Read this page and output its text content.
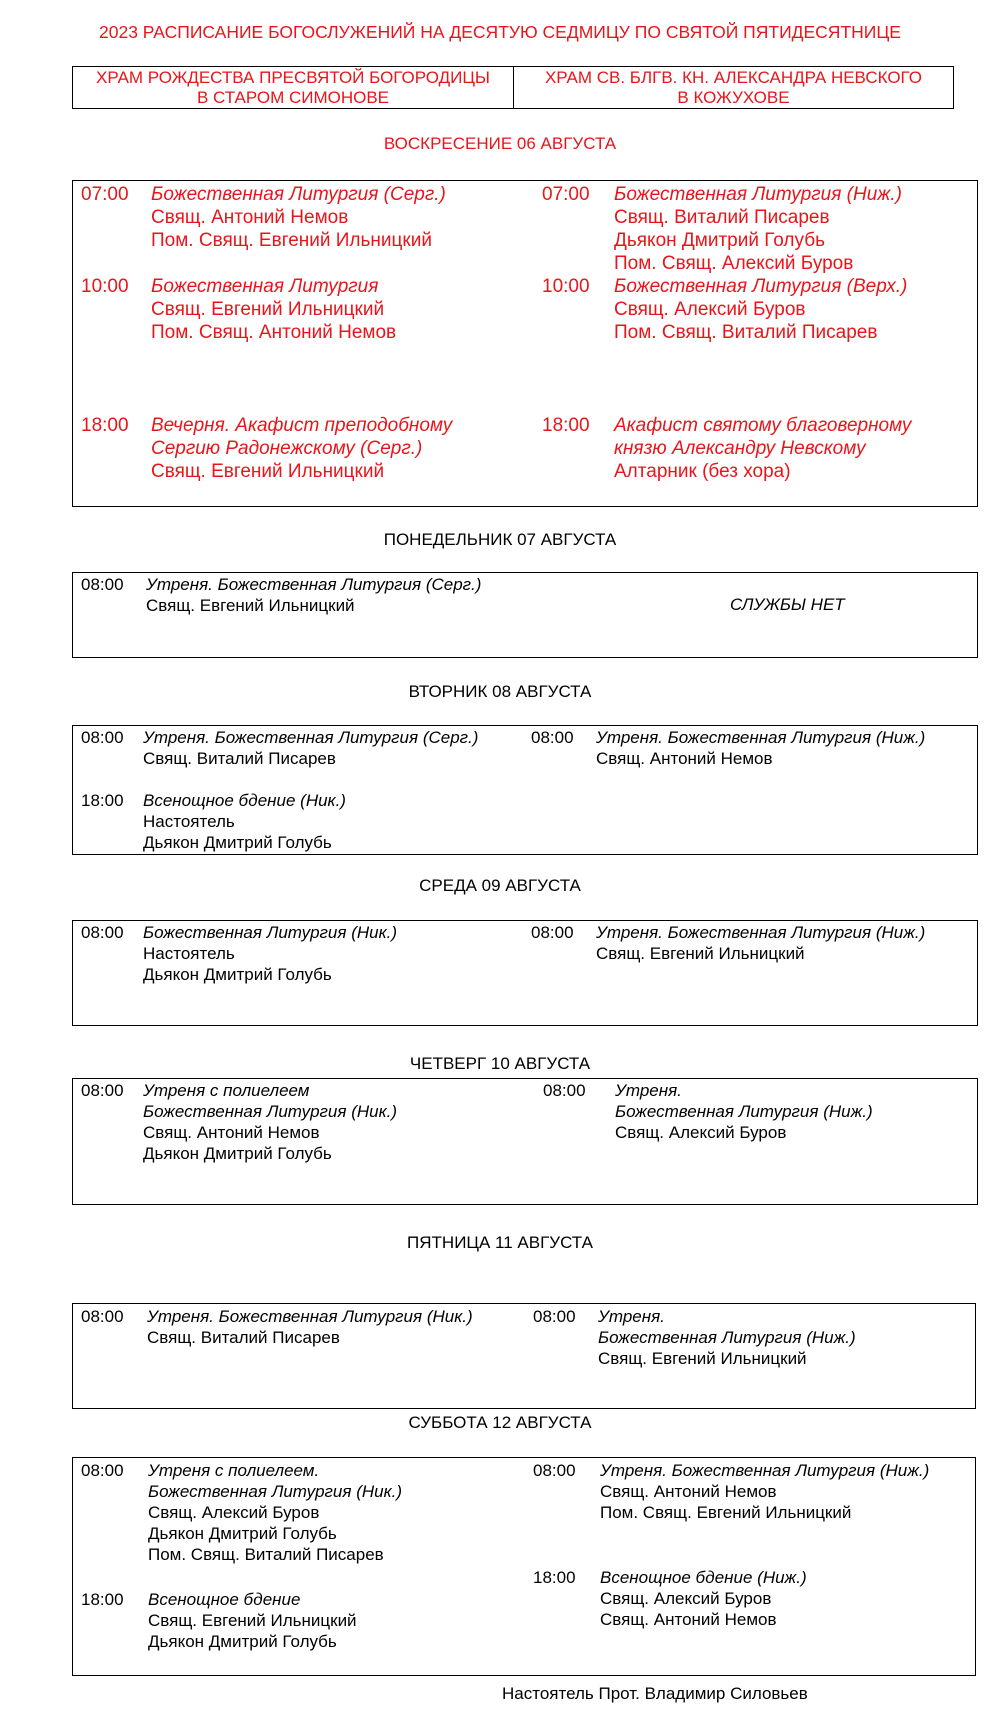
2023 РАСПИСАНИЕ БОГОСЛУЖЕНИЙ НА ДЕСЯТУЮ СЕДМИЦУ ПО СВЯТОЙ ПЯТИДЕСЯТНИЦЕ
ХРАМ РОЖДЕСТВА ПРЕСВЯТОЙ БОГОРОДИЦЫ
В СТАРОМ СИМОНОВЕ
ХРАМ СВ. БЛГВ. КН. АЛЕКСАНДРА НЕВСКОГО
В КОЖУХОВЕ
ВОСКРЕСЕНИЕ 06 АВГУСТА
07:00 Божественная Литургия (Серг.)
Свящ. Антоний Немов
Пом. Свящ. Евгений Ильницкий
10:00 Божественная Литургия
Свящ. Евгений Ильницкий
Пом. Свящ. Антоний Немов
18:00 Вечерня. Акафист преподобному
Сергию Радонежскому (Серг.)
Свящ. Евгений Ильницкий
07:00 Божественная Литургия (Ниж.)
Свящ. Виталий Писарев
Дьякон Дмитрий Голубь
Пом. Свящ. Алексий Буров
10:00 Божественная Литургия (Верх.)
Свящ. Алексий Буров
Пом. Свящ. Виталий Писарев
18:00 Акафист святому благоверному
князю Александру Невскому
Алтарник (без хора)
ПОНЕДЕЛЬНИК 07 АВГУСТА
08:00 Утреня. Божественная Литургия (Серг.)
Свящ. Евгений Ильницкий	СЛУЖБЫ НЕТ
ВТОРНИК 08 АВГУСТА
08:00 Утреня. Божественная Литургия (Серг.)
Свящ. Виталий Писарев
18:00 Всенощное бдение (Ник.)
Настоятель
Дьякон Дмитрий Голубь
08:00 Утреня. Божественная Литургия (Ниж.)
Свящ. Антоний Немов
СРЕДА 09 АВГУСТА
08:00 Божественная Литургия (Ник.)
Настоятель
Дьякон Дмитрий Голубь
08:00 Утреня. Божественная Литургия (Ниж.)
Свящ. Евгений Ильницкий
ЧЕТВЕРГ 10 АВГУСТА
08:00 Утреня с полиелеем
Божественная Литургия (Ник.)
Свящ. Антоний Немов
Дьякон Дмитрий Голубь
08:00 Утреня.
Божественная Литургия (Ниж.)
Свящ. Алексий Буров
ПЯТНИЦА 11 АВГУСТА
08:00 Утреня. Божественная Литургия (Ник.)
Свящ. Виталий Писарев
08:00 Утреня.
Божественная Литургия (Ниж.)
Свящ. Евгений Ильницкий
СУББОТА 12 АВГУСТА
08:00 Утреня с полиелеем.
Божественная Литургия (Ник.)
Свящ. Алексий Буров
Дьякон Дмитрий Голубь
Пом. Свящ. Виталий Писарев
18:00 Всенощное бдение
Свящ. Евгений Ильницкий
Дьякон Дмитрий Голубь
08:00 Утреня. Божественная Литургия (Ниж.)
Свящ. Антоний Немов
Пом. Свящ. Евгений Ильницкий
18:00 Всенощное бдение (Ниж.)
Свящ. Алексий Буров
Свящ. Антоний Немов
Настоятель Прот. Владимир Силовьев
